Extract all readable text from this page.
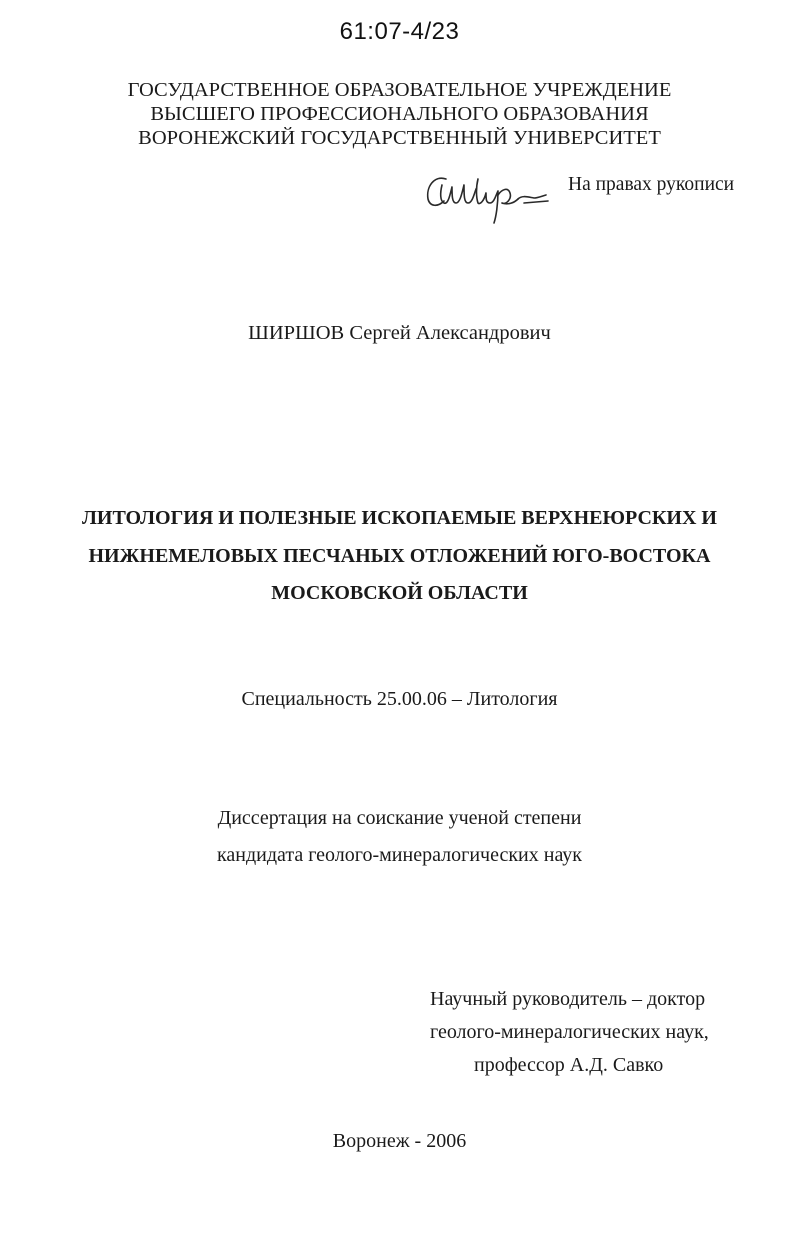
61:07-4/23
ГОСУДАРСТВЕННОЕ ОБРАЗОВАТЕЛЬНОЕ УЧРЕЖДЕНИЕ
ВЫСШЕГО ПРОФЕССИОНАЛЬНОГО ОБРАЗОВАНИЯ
ВОРОНЕЖСКИЙ ГОСУДАРСТВЕННЫЙ УНИВЕРСИТЕТ
На правах рукописи
ШИРШОВ Сергей Александрович
ЛИТОЛОГИЯ И ПОЛЕЗНЫЕ ИСКОПАЕМЫЕ ВЕРХНЕЮРСКИХ И
НИЖНЕМЕЛОВЫХ ПЕСЧАНЫХ ОТЛОЖЕНИЙ ЮГО-ВОСТОКА
МОСКОВСКОЙ ОБЛАСТИ
Специальность 25.00.06 – Литология
Диссертация на соискание ученой степени
кандидата геолого-минералогических наук
Научный руководитель – доктор
геолого-минералогических наук,
профессор А.Д. Савко
Воронеж - 2006
